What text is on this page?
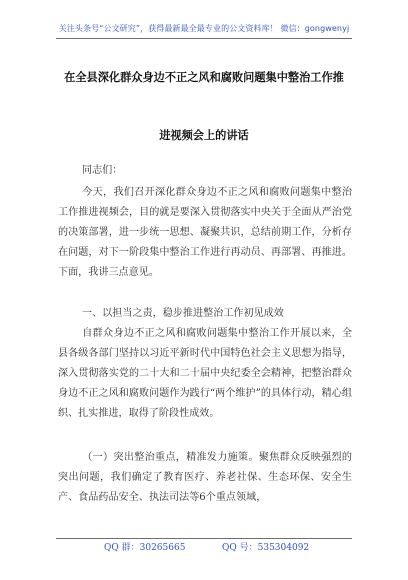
关注头条号“公文研究”，获得最新最全最专业的公文资料库！ 微信：gongwenyj
在全县深化群众身边不正之风和腐败问题集中整治工作推
进视频会上的讲话
同志们：
今天，我们召开深化群众身边不正之风和腐败问题集中整治工作推进视频会，目的就是要深入贯彻落实中央关于全面从严治党的决策部署，进一步统一思想、凝聚共识，总结前期工作，分析存在问题，对下一阶段集中整治工作进行再动员、再部署、再推进。下面，我讲三点意见。
一、以担当之责，稳步推进整治工作初见成效
自群众身边不正之风和腐败问题集中整治工作开展以来，全县各级各部门坚持以习近平新时代中国特色社会主义思想为指导，深入贯彻落实党的二十大和二十届中央纪委全会精神，把整治群众身边不正之风和腐败问题作为践行“两个维护”的具体行动，精心组织、扎实推进，取得了阶段性成效。
（一）突出整治重点，精准发力施策。聚焦群众反映强烈的突出问题，我们确定了教育医疗、养老社保、生态环保、安全生产、食品药品安全、执法司法等6个重点领域，
QQ 群：30265665	QQ 号：535304092
